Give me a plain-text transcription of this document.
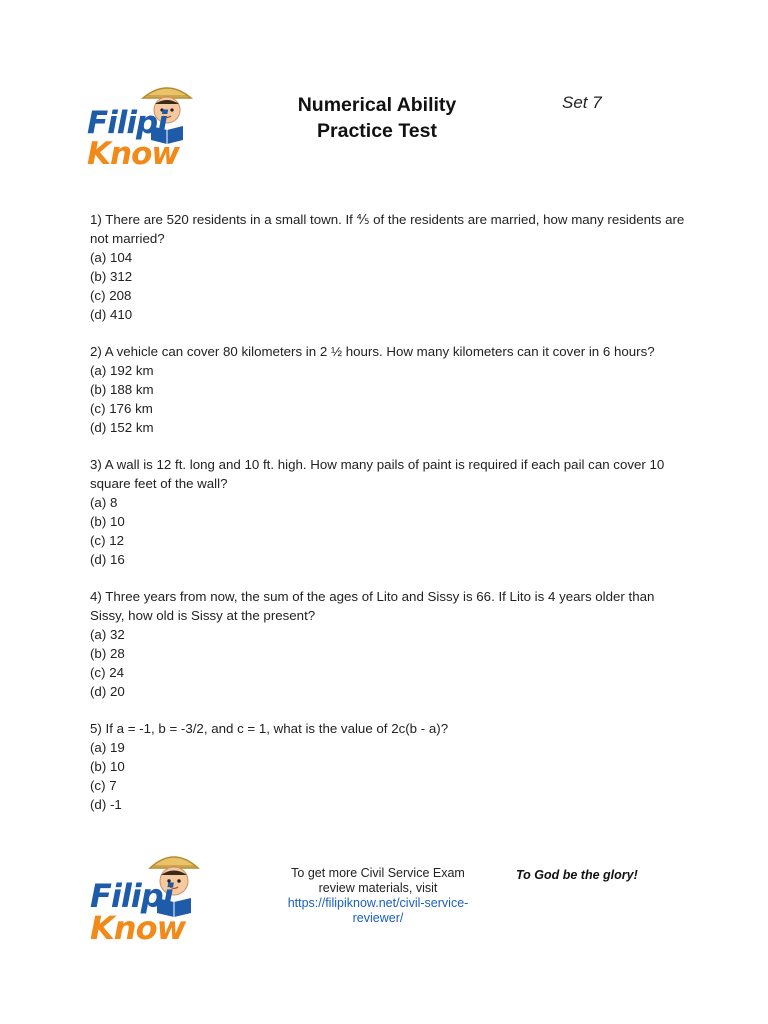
FilipiKnow
Numerical Ability
Practice Test
Set 7

1) There are 520 residents in a small town. If ⅘ of the residents are married, how many residents are not married?

(a) 104

(b) 312

(c) 208

(d) 410

2) A vehicle can cover 80 kilometers in 2 ½ hours. How many kilometers can it cover in 6 hours?

(a) 192 km

(b) 188 km

(c) 176 km

(d) 152 km

3) A wall is 12 ft. long and 10 ft. high. How many pails of paint is required if each pail can cover 10 square feet of the wall?

(a) 8

(b) 10

(c) 12

(d) 16

4) Three years from now, the sum of the ages of Lito and Sissy is 66. If Lito is 4 years older than Sissy, how old is Sissy at the present?

(a) 32

(b) 28

(c) 24

(d) 20

5) If a = -1, b = -3/2, and c = 1, what is the value of 2c(b - a)?

(a) 19

(b) 10

(c) 7

(d) -1

FilipiKnow
To get more Civil Service Exam review materials, visit
https://filipiknow.net/civil-service-reviewer/
To God be the glory!
